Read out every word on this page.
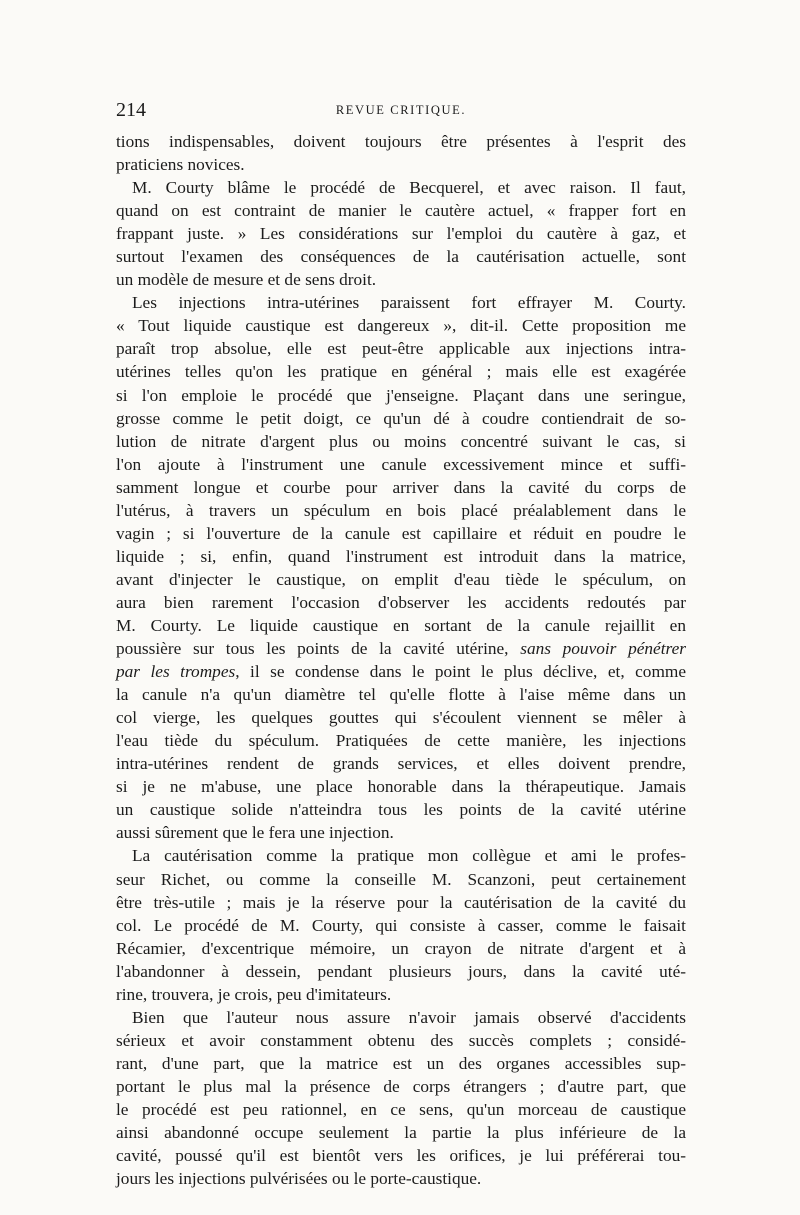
214	REVUE CRITIQUE.
tions indispensables, doivent toujours être présentes à l'esprit des
praticiens novices.
M. Courty blâme le procédé de Becquerel, et avec raison. Il faut,
quand on est contraint de manier le cautère actuel, « frapper fort en
frappant juste. » Les considérations sur l'emploi du cautère à gaz, et
surtout l'examen des conséquences de la cautérisation actuelle, sont
un modèle de mesure et de sens droit.
Les injections intra-utérines paraissent fort effrayer M. Courty.
« Tout liquide caustique est dangereux », dit-il. Cette proposition me
paraît trop absolue, elle est peut-être applicable aux injections intra-
utérines telles qu'on les pratique en général ; mais elle est exagérée
si l'on emploie le procédé que j'enseigne. Plaçant dans une seringue,
grosse comme le petit doigt, ce qu'un dé à coudre contiendrait de so-
lution de nitrate d'argent plus ou moins concentré suivant le cas, si
l'on ajoute à l'instrument une canule excessivement mince et suffi-
samment longue et courbe pour arriver dans la cavité du corps de
l'utérus, à travers un spéculum en bois placé préalablement dans le
vagin ; si l'ouverture de la canule est capillaire et réduit en poudre le
liquide ; si, enfin, quand l'instrument est introduit dans la matrice,
avant d'injecter le caustique, on emplit d'eau tiède le spéculum, on
aura bien rarement l'occasion d'observer les accidents redoutés par
M. Courty. Le liquide caustique en sortant de la canule rejaillit en
poussière sur tous les points de la cavité utérine, sans pouvoir pénétrer
par les trompes, il se condense dans le point le plus déclive, et, comme
la canule n'a qu'un diamètre tel qu'elle flotte à l'aise même dans un
col vierge, les quelques gouttes qui s'écoulent viennent se mêler à
l'eau tiède du spéculum. Pratiquées de cette manière, les injections
intra-utérines rendent de grands services, et elles doivent prendre,
si je ne m'abuse, une place honorable dans la thérapeutique. Jamais
un caustique solide n'atteindra tous les points de la cavité utérine
aussi sûrement que le fera une injection.
La cautérisation comme la pratique mon collègue et ami le profes-
seur Richet, ou comme la conseille M. Scanzoni, peut certainement
être très-utile ; mais je la réserve pour la cautérisation de la cavité du
col. Le procédé de M. Courty, qui consiste à casser, comme le faisait
Récamier, d'excentrique mémoire, un crayon de nitrate d'argent et à
l'abandonner à dessein, pendant plusieurs jours, dans la cavité uté-
rine, trouvera, je crois, peu d'imitateurs.
Bien que l'auteur nous assure n'avoir jamais observé d'accidents
sérieux et avoir constamment obtenu des succès complets ; considé-
rant, d'une part, que la matrice est un des organes accessibles sup-
portant le plus mal la présence de corps étrangers ; d'autre part, que
le procédé est peu rationnel, en ce sens, qu'un morceau de caustique
ainsi abandonné occupe seulement la partie la plus inférieure de la
cavité, poussé qu'il est bientôt vers les orifices, je lui préférerai tou-
jours les injections pulvérisées ou le porte-caustique.
